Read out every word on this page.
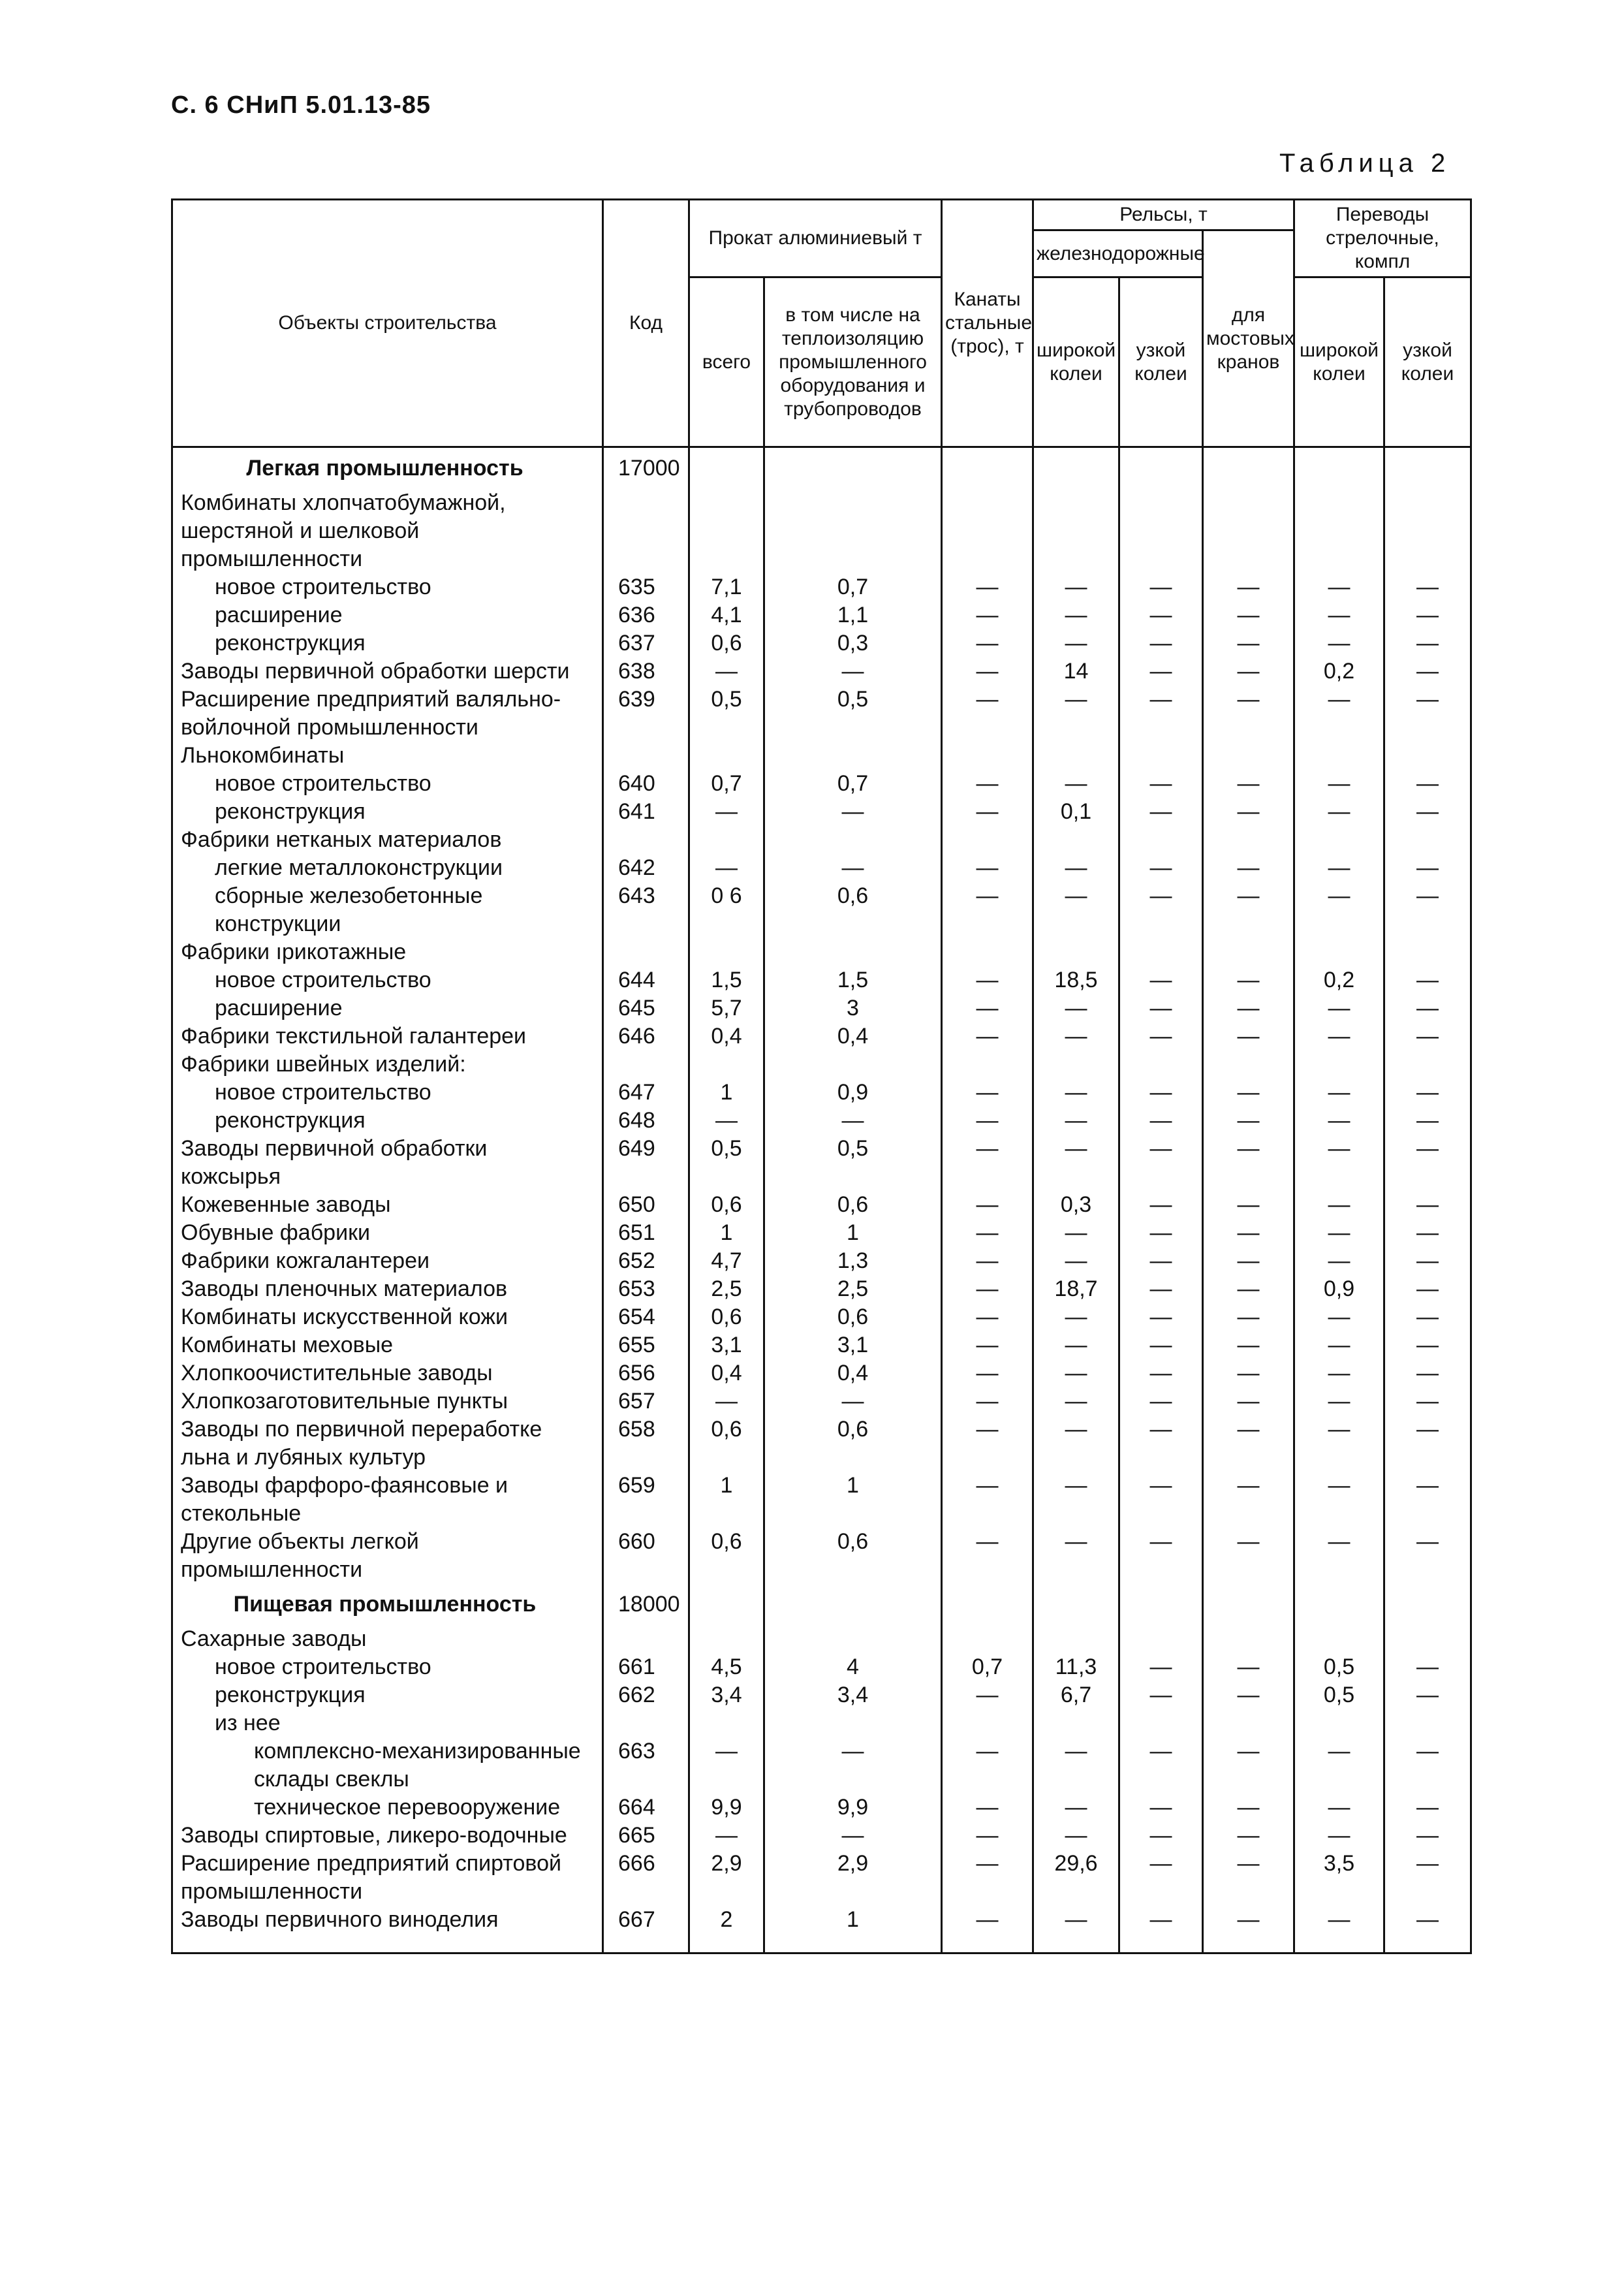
С. 6 СНиП 5.01.13-85
Таблица 2
Объекты строительства	Код	Прокат алюминиевый т		Канаты стальные (трос), т	Рельсы, т			Переводы стрелочные, компл	
					железнодорожные		для мостовых кранов		
		всего	в том числе на теплоизоляцию промышленного оборудования и трубопроводов		широкой колеи	узкой колеи		широкой колеи	узкой колеи
Легкая промышленность	17000								
Комбинаты хлопчатобумажной, шерстяной и шелковой промышленности									
новое строительство	635	7,1	0,7	—	—	—	—	—	—
расширение	636	4,1	1,1	—	—	—	—	—	—
реконструкция	637	0,6	0,3	—	—	—	—	—	—
Заводы первичной обработки шерсти	638	—	—	—	14	—	—	0,2	—
Расширение предприятий валяльно-войлочной промышленности	639	0,5	0,5	—	—	—	—	—	—
Льнокомбинаты									
новое строительство	640	0,7	0,7	—	—	—	—	—	—
реконструкция	641	—	—	—	0,1	—	—	—	—
Фабрики нетканых материалов									
легкие металлоконструкции	642	—	—	—	—	—	—	—	—
сборные железобетонные конструкции	643	0 6	0,6	—	—	—	—	—	—
Фабрики ıрикотажные									
новое строительство	644	1,5	1,5	—	18,5	—	—	0,2	—
расширение	645	5,7	3	—	—	—	—	—	—
Фабрики текстильной галантереи	646	0,4	0,4	—	—	—	—	—	—
Фабрики швейных изделий:									
новое строительство	647	1	0,9	—	—	—	—	—	—
реконструкция	648	—	—	—	—	—	—	—	—
Заводы первичной обработки кожсырья	649	0,5	0,5	—	—	—	—	—	—
Кожевенные заводы	650	0,6	0,6	—	0,3	—	—	—	—
Обувные фабрики	651	1	1	—	—	—	—	—	—
Фабрики кожгалантереи	652	4,7	1,3	—	—	—	—	—	—
Заводы пленочных материалов	653	2,5	2,5	—	18,7	—	—	0,9	—
Комбинаты искусственной кожи	654	0,6	0,6	—	—	—	—	—	—
Комбинаты меховые	655	3,1	3,1	—	—	—	—	—	—
Хлопкоочистительные заводы	656	0,4	0,4	—	—	—	—	—	—
Хлопкозаготовительные пункты	657	—	—	—	—	—	—	—	—
Заводы по первичной переработке льна и лубяных культур	658	0,6	0,6	—	—	—	—	—	—
Заводы фарфоро-фаянсовые и стекольные	659	1	1	—	—	—	—	—	—
Другие объекты легкой промышленности	660	0,6	0,6	—	—	—	—	—	—
Пищевая промышленность	18000								
Сахарные заводы									
новое строительство	661	4,5	4	0,7	11,3	—	—	0,5	—
реконструкция	662	3,4	3,4	—	6,7	—	—	0,5	—
из нее									
комплексно-механизированные склады свеклы	663	—	—	—	—	—	—	—	—
техническое перевооружение	664	9,9	9,9	—	—	—	—	—	—
Заводы спиртовые, ликеро-водочные	665	—	—	—	—	—	—	—	—
Расширение предприятий спиртовой промышленности	666	2,9	2,9	—	29,6	—	—	3,5	—
Заводы первичного виноделия	667	2	1	—	—	—	—	—	—
